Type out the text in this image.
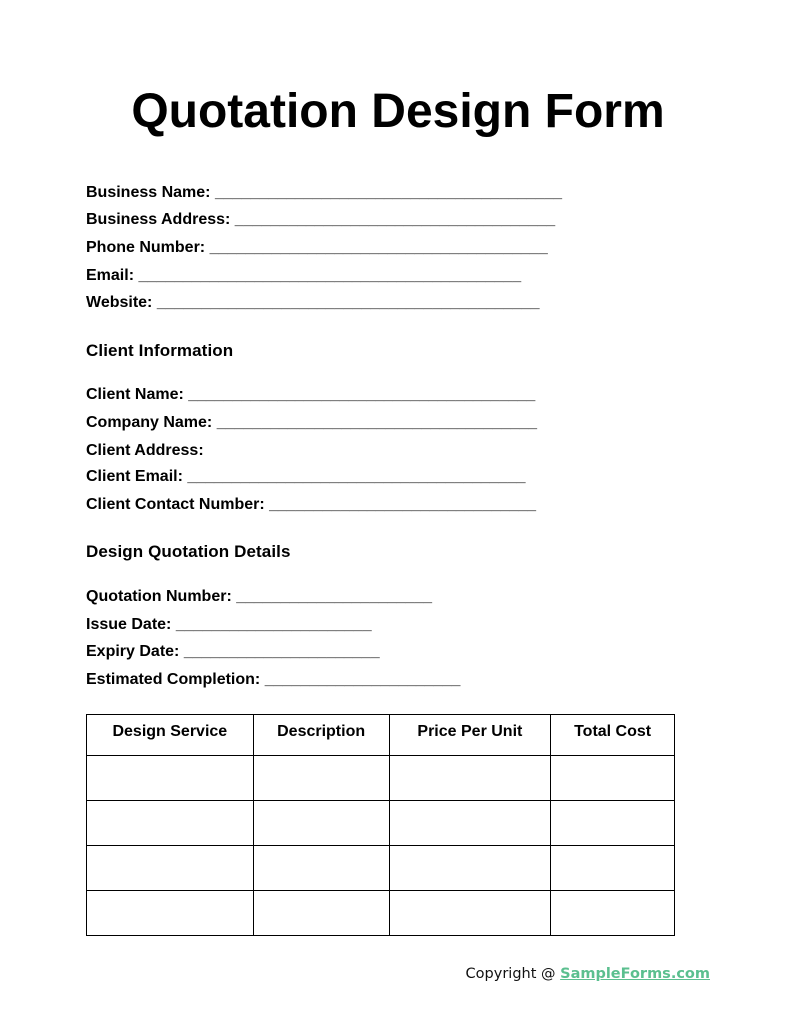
Quotation Design Form

Business Name: _______________________________________

Business Address: ____________________________________

Phone Number: ______________________________________

Email: ___________________________________________

Website: ___________________________________________

Client Information

Client Name: _______________________________________

Company Name: ____________________________________

Client Address:

Client Email: ______________________________________

Client Contact Number: ______________________________

Design Quotation Details

Quotation Number: ______________________

Issue Date: ______________________

Expiry Date: ______________________

Estimated Completion: ______________________

Design Service	Description	Price Per Unit	Total Cost

Copyright @ SampleForms.com
